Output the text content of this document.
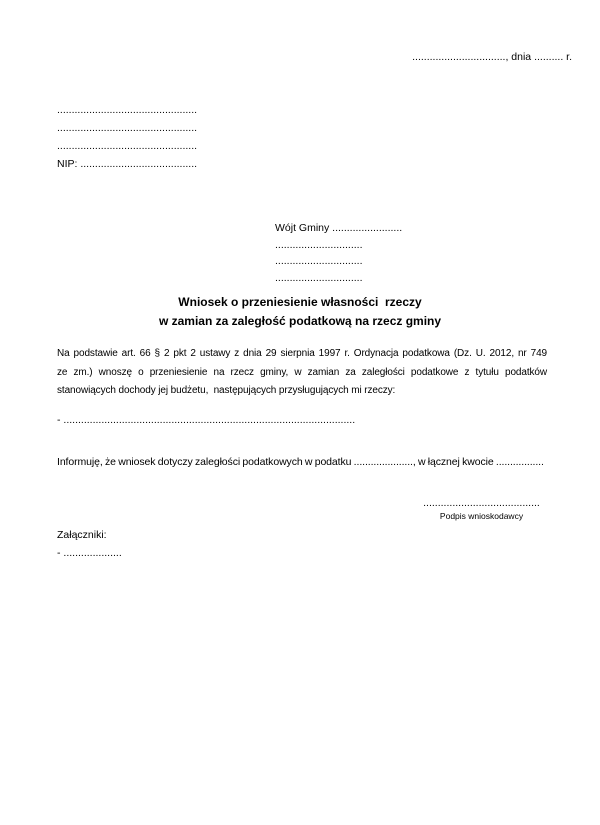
................................, dnia .......... r.
................................................
................................................
................................................
NIP: ........................................
Wójt Gminy ........................
..............................
..............................
..............................
Wniosek o przeniesienie własności  rzeczy
w zamian za zaległość podatkową na rzecz gminy
Na podstawie art. 66 § 2 pkt 2 ustawy z dnia 29 sierpnia 1997 r. Ordynacja podatkowa (Dz. U. 2012, nr 749
ze zm.) wnoszę o przeniesienie na rzecz gminy, w zamian za zaległości podatkowe z tytułu podatków
stanowiących dochody jej budżetu,  następujących przysługujących mi rzeczy:
- ....................................................................................................
Informuję, że wniosek dotyczy zaległości podatkowych w podatku ....................., w łącznej kwocie .................
........................................
Podpis wnioskodawcy
Załączniki:
- ....................
